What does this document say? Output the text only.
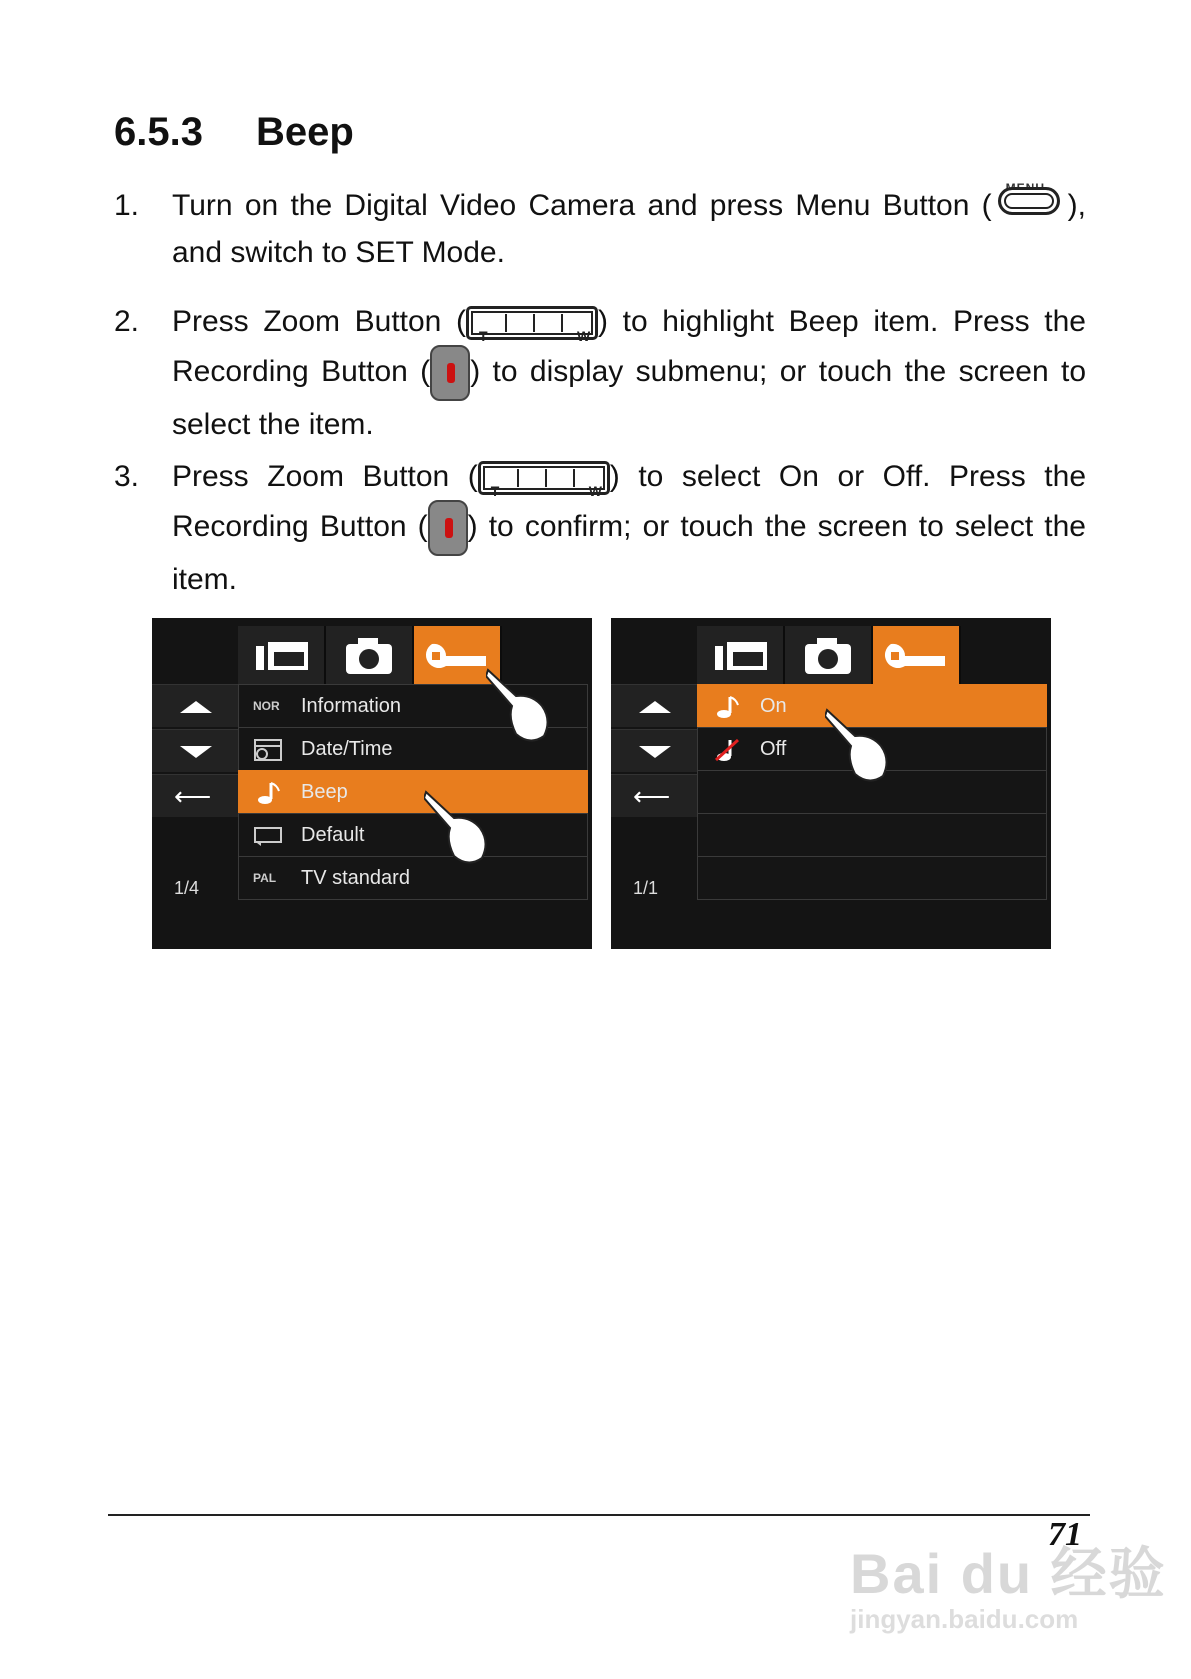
6.5.3 Beep
1. Turn on the Digital Video Camera and press Menu Button (
MENU
), and switch to SET Mode.
2. Press Zoom Button ( T	W ) to highlight Beep item. Press the Recording Button ( ) to display submenu; or touch the screen to select the item.
3. Press Zoom Button ( T	W ) to select On or Off. Press the Recording Button ( ) to confirm; or touch the screen to select the item.
⟵
1/4
NOR Information
Date/Time
Beep
Default
PAL	TV standard
⟵
1/1
On
Off
71
Bai du 经验
jingyan.baidu.com
